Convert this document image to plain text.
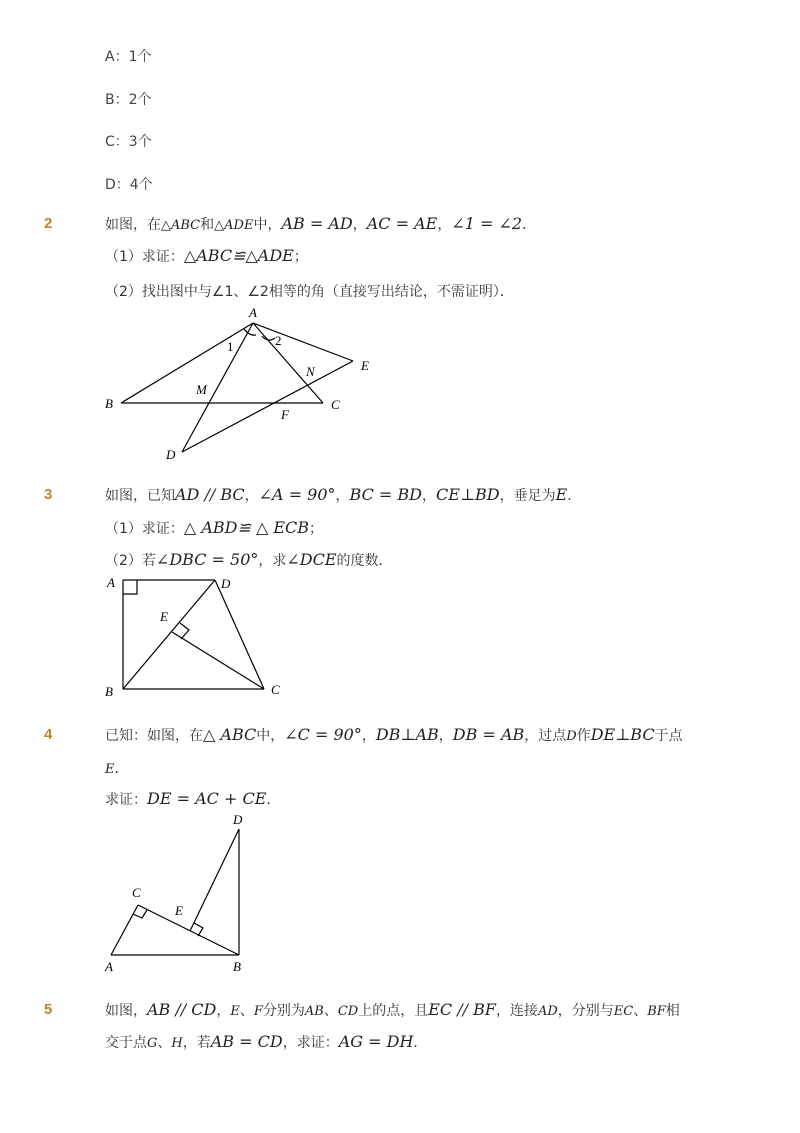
A：1个
B：2个
C：3个
D：4个
2	如图，在△ABC和△ADE中，AB = AD，AC = AE，∠1 = ∠2．
（1）求证：△ABC≌△ADE；
（2）找出图中与∠1、∠2相等的角（直接写出结论，不需证明）．
A
B	C
D
E
F
M
N
1	2
3	如图，已知AD // BC，∠A = 90°，BC = BD，CE⊥BD，垂足为E．
（1）求证：△ ABD≌ △ ECB；
（2）若∠DBC = 50°，求∠DCE的度数．
A
B	C
D
E
4	已知：如图，在△ ABC中，∠C = 90°，DB⊥AB，DB = AB，过点D作DE⊥BC于点
E．
求证：DE = AC + CE．
A	B
C
D
E
5	如图，AB // CD，E、F分别为AB、CD上的点，且EC // BF，连接AD，分别与EC、BF相
交于点G、H，若AB = CD，求证：AG = DH．
